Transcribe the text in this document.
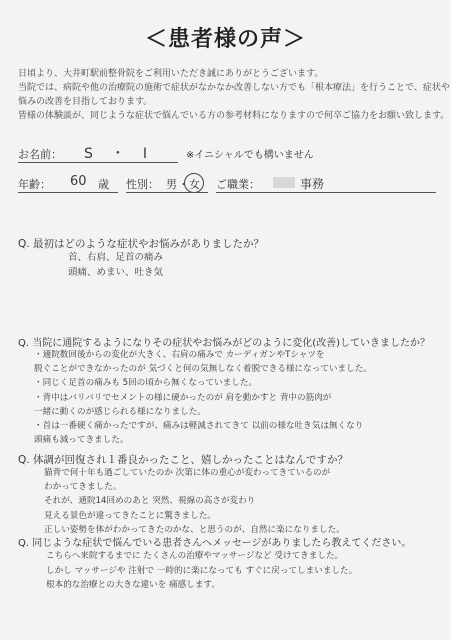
＜患者様の声＞
日頃より、大井町駅前整骨院をご利用いただき誠にありがとうございます。
当院では、病院や他の治療院の施術で症状がなかなか改善しない方でも「根本療法」を行うことで、症状や
悩みの改善を目指しております。
皆様の体験談が、同じような症状で悩んでいる方の参考材料になりますので何卒ご協力をお願い致します。
お名前： S・I ※イニシャルでも構いません
年齢： 60 歳 性別： 男 ・ 女 ご職業：	事務
Q. 最初はどのような症状やお悩みがありましたか？
首、右肩、足首の痛み
頭痛、めまい、吐き気
Q. 当院に通院するようになりその症状やお悩みがどのように変化(改善)していきましたか？
・適院数回後からの変化が大きく、右肩の痛みで カーディガンやTシャツを
脱ぐことができなかったのが 気づくと何の気無しなく着脱できる様になっていました。
・同じく足首の痛みも 5回の頃から無くなっていました。
・背中はバリバリでセメントの様に硬かったのが 肩を動かすと 背中の筋肉が
一緒に動くのが感じられる様になりました。
・首は一番硬く痛かったですが、痛みは軽減されてきて 以前の様な吐き気は無くなり
頭痛も減ってきました。
Q. 体調が回復され１番良かったこと、嬉しかったことはなんですか？
猫背で何十年も過ごしていたのか 次第に体の重心が変わってきているのが
わかってきました。
それが、通院14回めのあと 突然、視線の高さが変わり
見える景色が違ってきたことに驚きました。
正しい姿勢を体がわかってきたのかな、と思うのが、自然に楽になりました。
Q. 同じような症状で悩んでいる患者さんへメッセージがありましたら教えてください。
こちらへ来院するまでに たくさんの治療やマッサージなど 受けてきました。
しかし マッサージや 注射で 一時的に楽になっても すぐに戻ってしまいました。
根本的な治療との大きな違いを 痛感します。
